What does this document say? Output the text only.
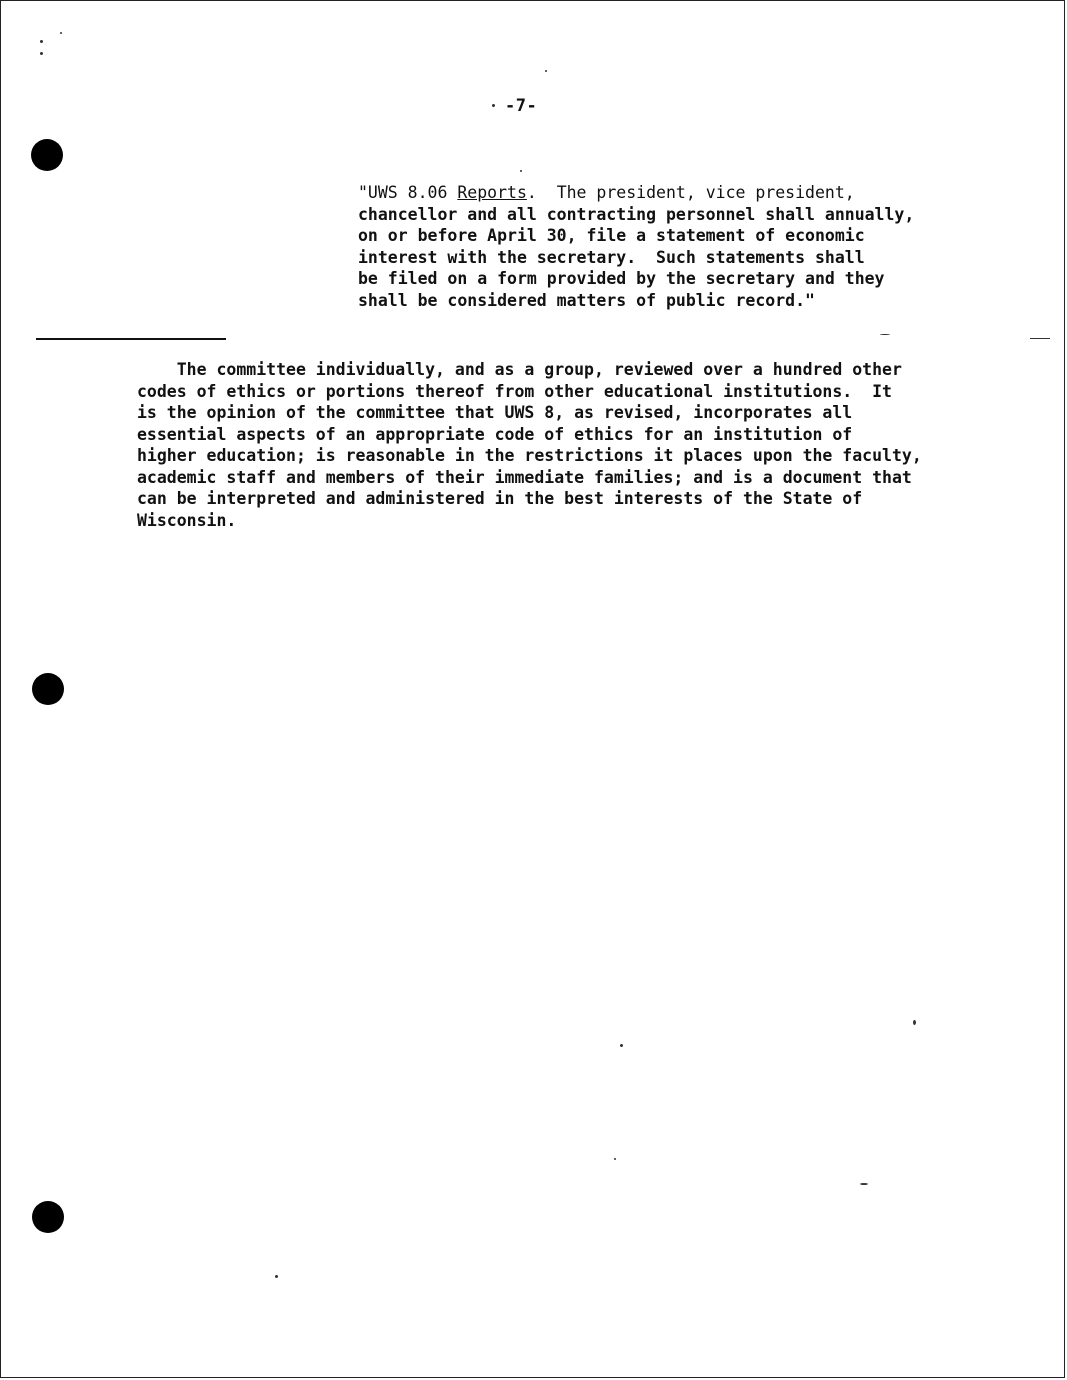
-7-
"UWS 8.06 Reports.  The president, vice president,
chancellor and all contracting personnel shall annually,
on or before April 30, file a statement of economic
interest with the secretary.  Such statements shall
be filed on a form provided by the secretary and they
shall be considered matters of public record."
The committee individually, and as a group, reviewed over a hundred other
codes of ethics or portions thereof from other educational institutions.  It
is the opinion of the committee that UWS 8, as revised, incorporates all
essential aspects of an appropriate code of ethics for an institution of
higher education; is reasonable in the restrictions it places upon the faculty,
academic staff and members of their immediate families; and is a document that
can be interpreted and administered in the best interests of the State of
Wisconsin.
